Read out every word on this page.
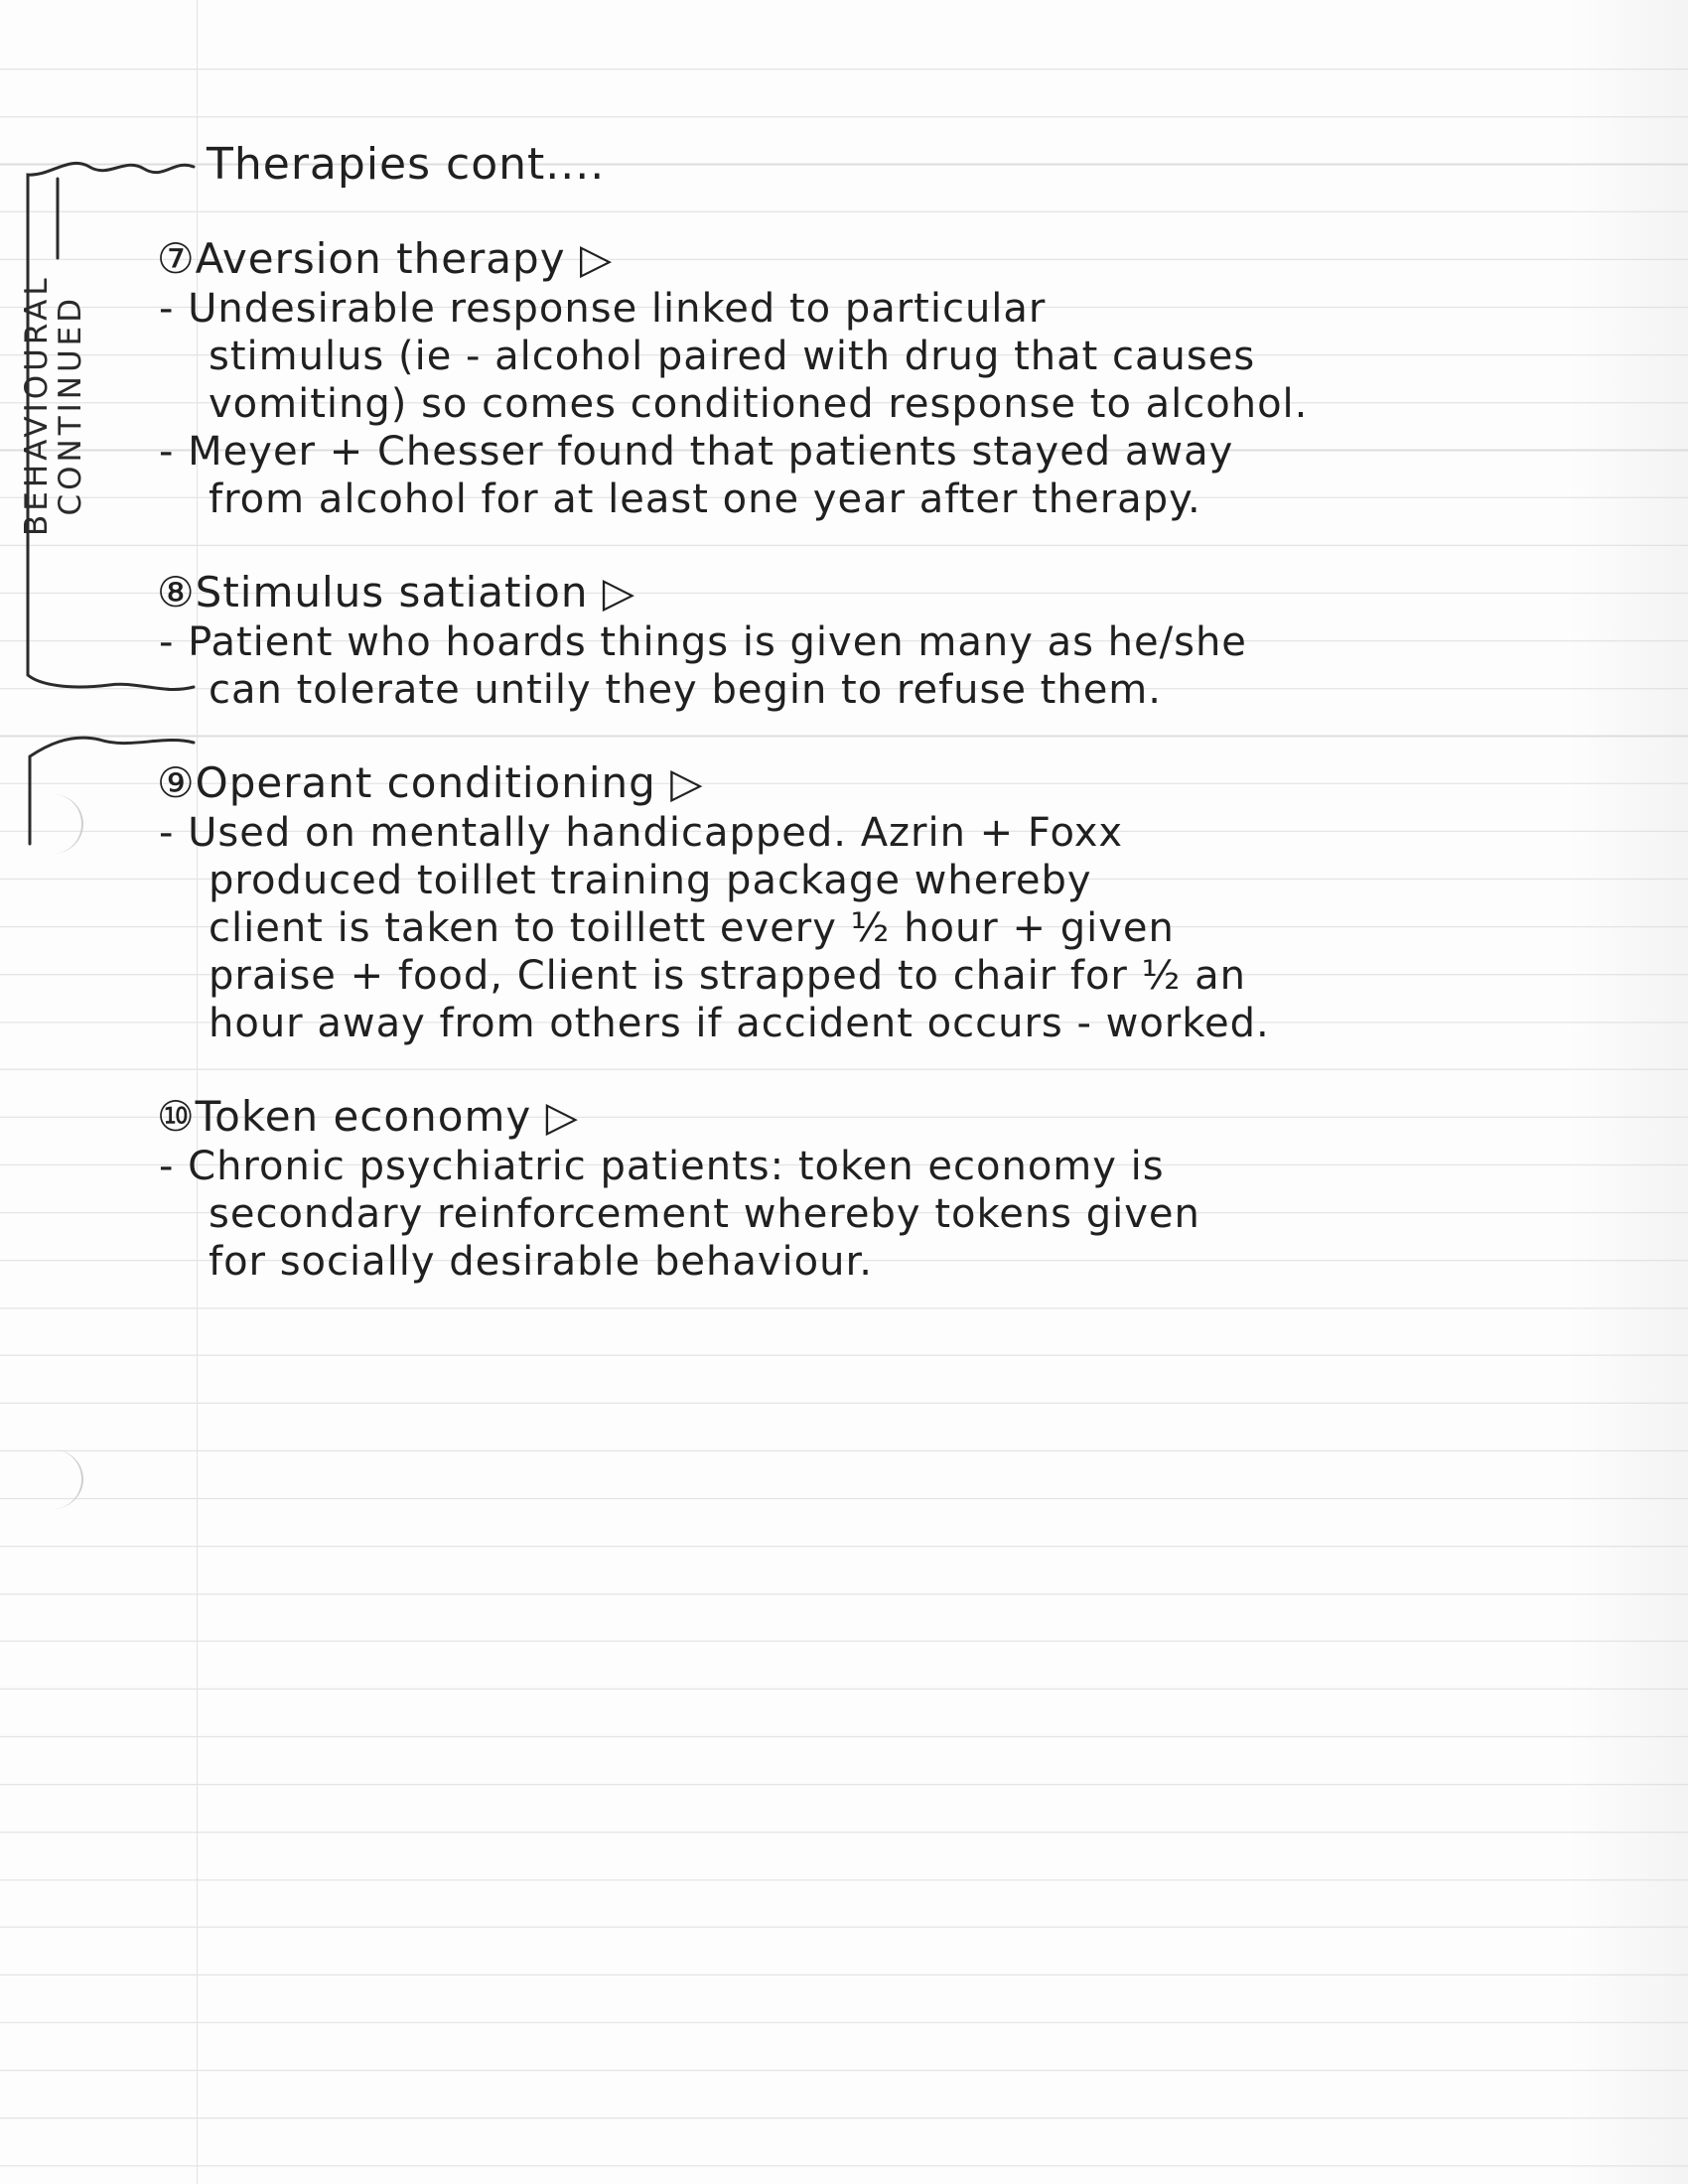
BEHAVIOURAL
CONTINUED
Therapies cont....
⑦Aversion therapy ▷
- Undesirable response linked to particular
stimulus (ie - alcohol paired with drug that causes
vomiting) so comes conditioned response to alcohol.
- Meyer + Chesser found that patients stayed away
from alcohol for at least one year after therapy.
⑧Stimulus satiation ▷
- Patient who hoards things is given many as he/she
can tolerate untily they begin to refuse them.
⑨Operant conditioning ▷
- Used on mentally handicapped. Azrin + Foxx
produced toillet training package whereby
client is taken to toillett every ½ hour + given
praise + food, Client is strapped to chair for ½ an
hour away from others if accident occurs - worked.
⑩Token economy ▷
- Chronic psychiatric patients: token economy is
secondary reinforcement whereby tokens given
for socially desirable behaviour.
